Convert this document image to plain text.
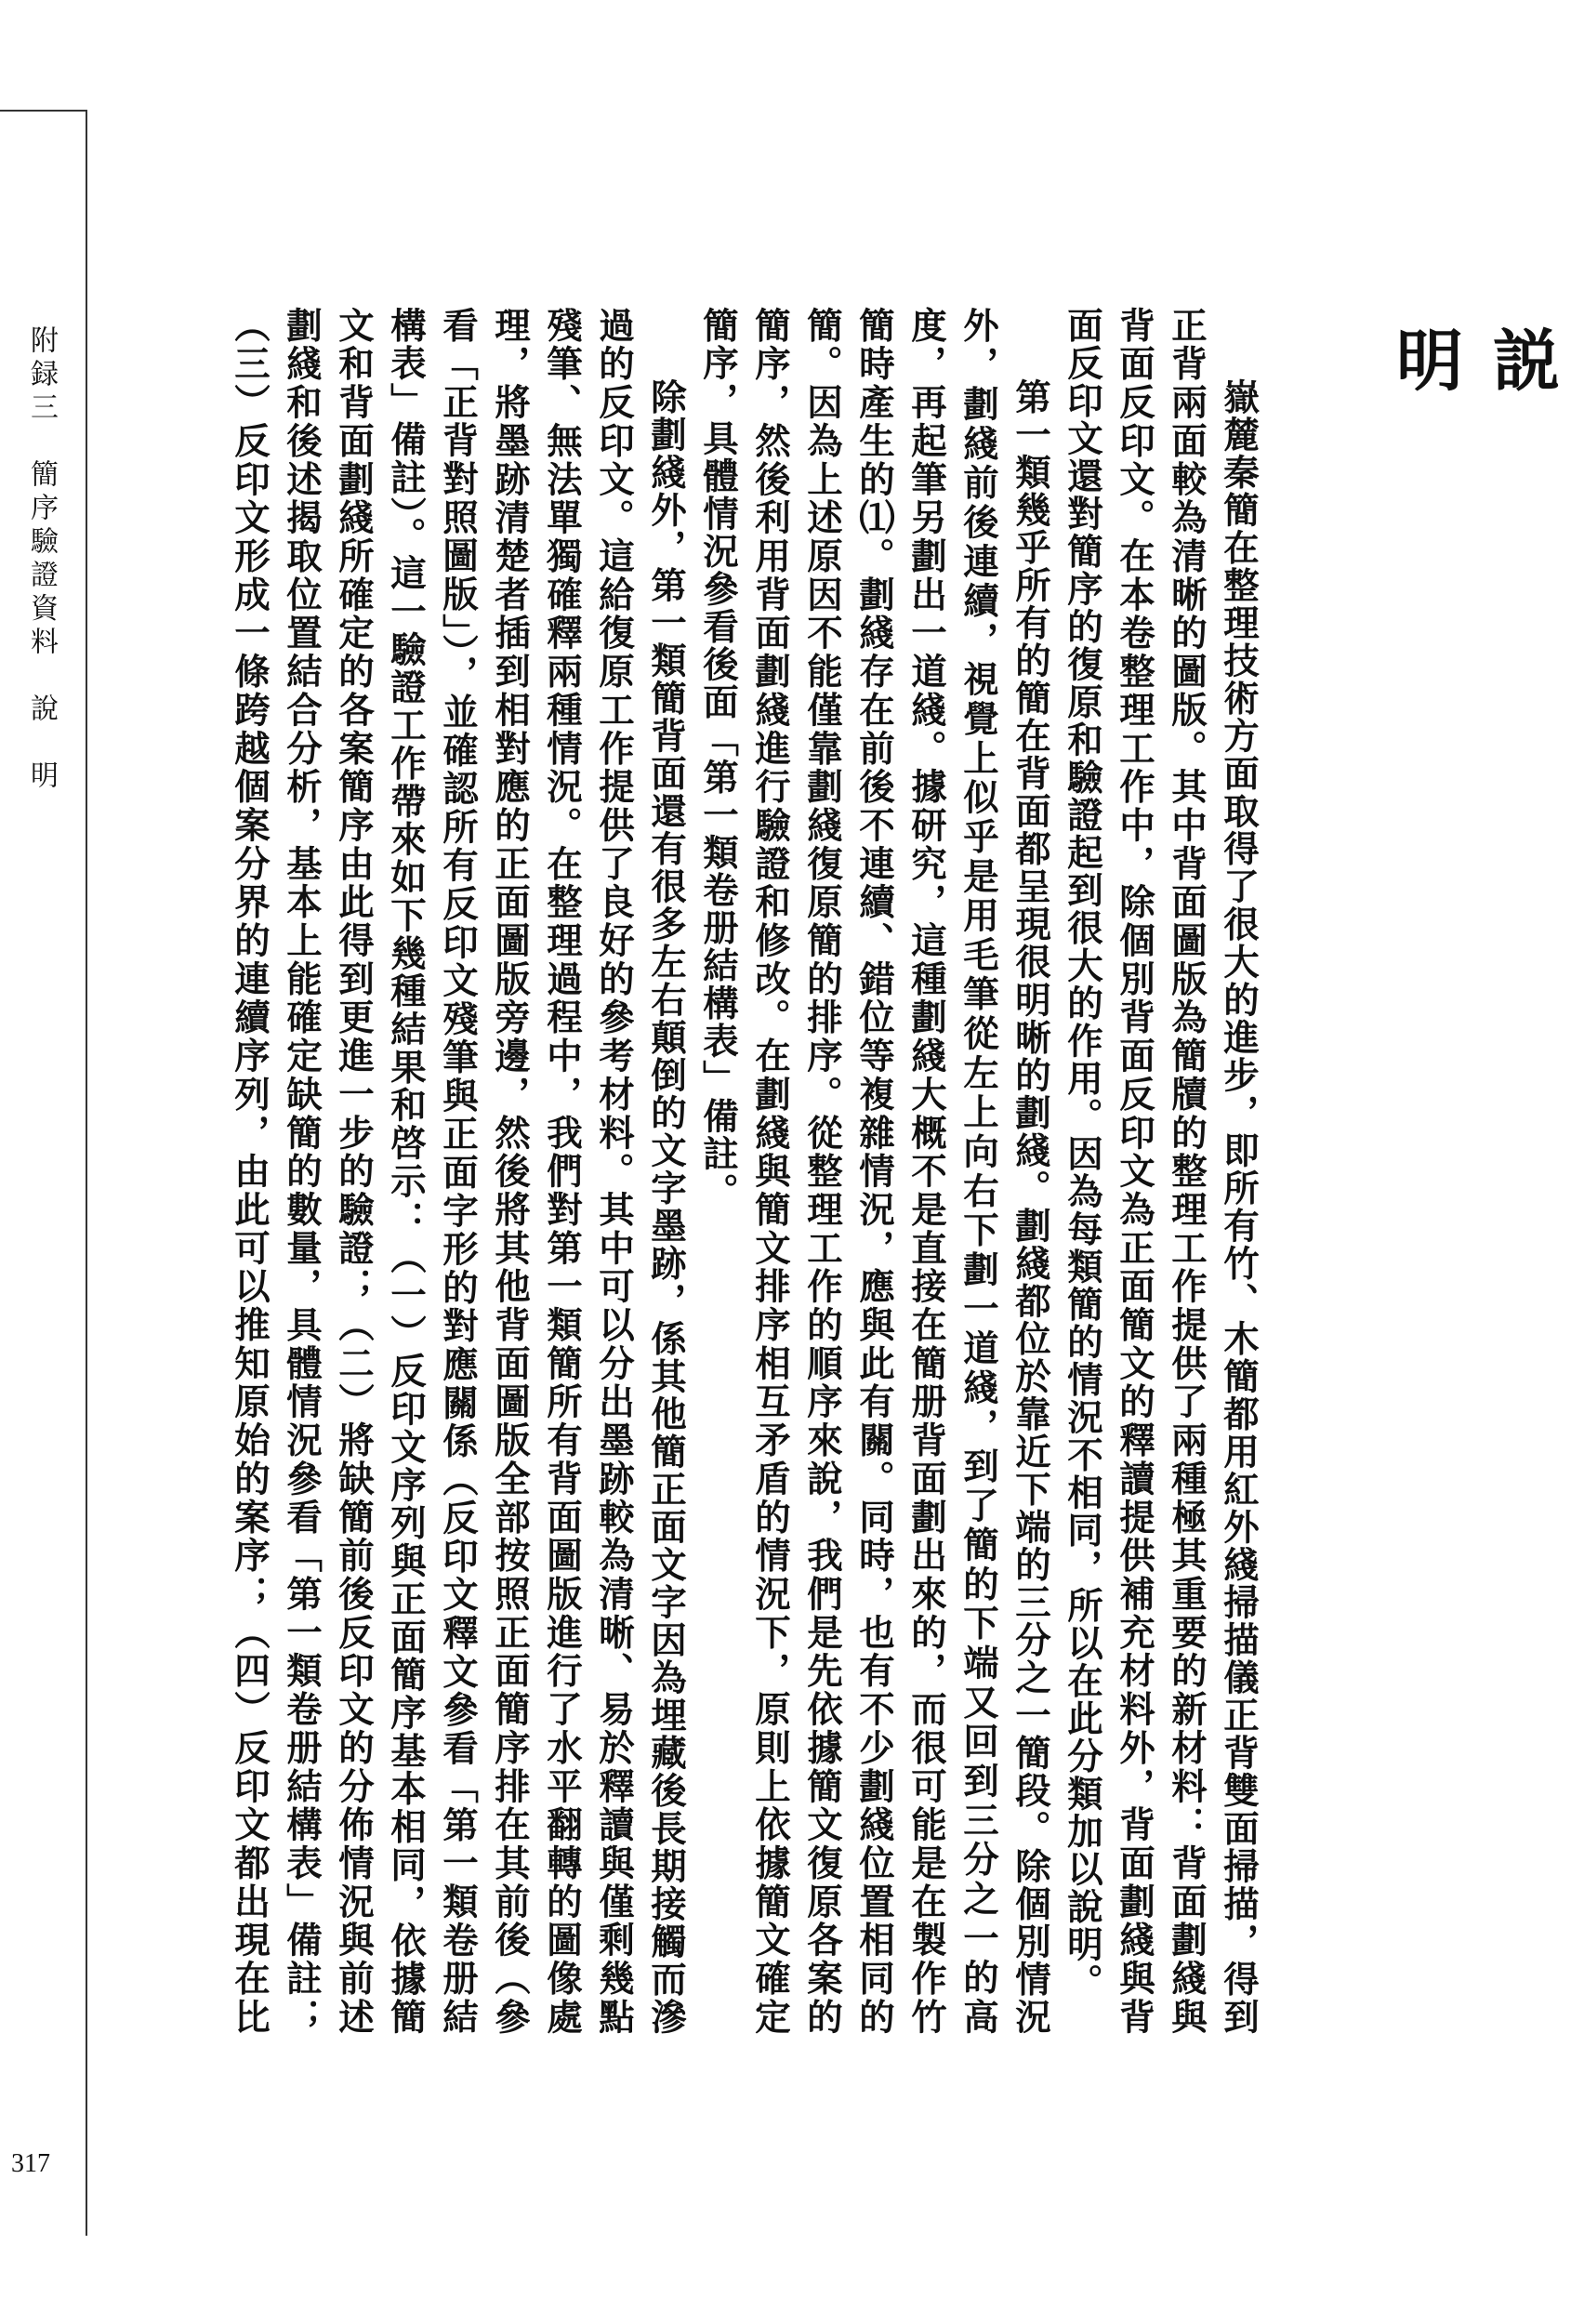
附録三　簡序驗證資料　說　明
317
説　明

嶽麓秦簡在整理技術方面取得了很大的進步，即所有竹、木簡都用紅外綫掃描儀正背雙面掃描，得到正背兩面較為清晰的圖版。其中背面圖版為簡牘的整理工作提供了兩種極其重要的新材料：背面劃綫與背面反印文。在本卷整理工作中，除個別背面反印文為正面簡文的釋讀提供補充材料外，背面劃綫與背面反印文還對簡序的復原和驗證起到很大的作用。因為每類簡的情況不相同，所以在此分類加以說明。

第一類幾乎所有的簡在背面都呈現很明晰的劃綫。劃綫都位於靠近下端的三分之一簡段。除個別情況外，劃綫前後連續，視覺上似乎是用毛筆從左上向右下劃一道綫，到了簡的下端又回到三分之一的高度，再起筆另劃出一道綫。據研究，這種劃綫大概不是直接在簡册背面劃出來的，而很可能是在製作竹簡時產生的⑴。劃綫存在前後不連續、錯位等複雜情況，應與此有關。同時，也有不少劃綫位置相同的簡。因為上述原因不能僅靠劃綫復原簡的排序。從整理工作的順序來說，我們是先依據簡文復原各案的簡序，然後利用背面劃綫進行驗證和修改。在劃綫與簡文排序相互矛盾的情況下，原則上依據簡文確定簡序，具體情況參看後面「第一類卷册結構表」備註。

除劃綫外，第一類簡背面還有很多左右顛倒的文字墨跡，係其他簡正面文字因為埋藏後長期接觸而滲過的反印文。這給復原工作提供了良好的參考材料。其中可以分出墨跡較為清晰、易於釋讀與僅剩幾點殘筆、無法單獨確釋兩種情況。在整理過程中，我們對第一類簡所有背面圖版進行了水平翻轉的圖像處理，將墨跡清楚者插到相對應的正面圖版旁邊，然後將其他背面圖版全部按照正面簡序排在其前後（參看「正背對照圖版」），並確認所有反印文殘筆與正面字形的對應關係（反印文釋文參看「第一類卷册結構表」備註）。這一驗證工作帶來如下幾種結果和啓示：（一）反印文序列與正面簡序基本相同，依據簡文和背面劃綫所確定的各案簡序由此得到更進一步的驗證；（二）將缺簡前後反印文的分佈情況與前述劃綫和後述揭取位置結合分析，基本上能確定缺簡的數量，具體情況參看「第一類卷册結構表」備註；（三）反印文形成一條跨越個案分界的連續序列，由此可以推知原始的案序；（四）反印文都出現在比
